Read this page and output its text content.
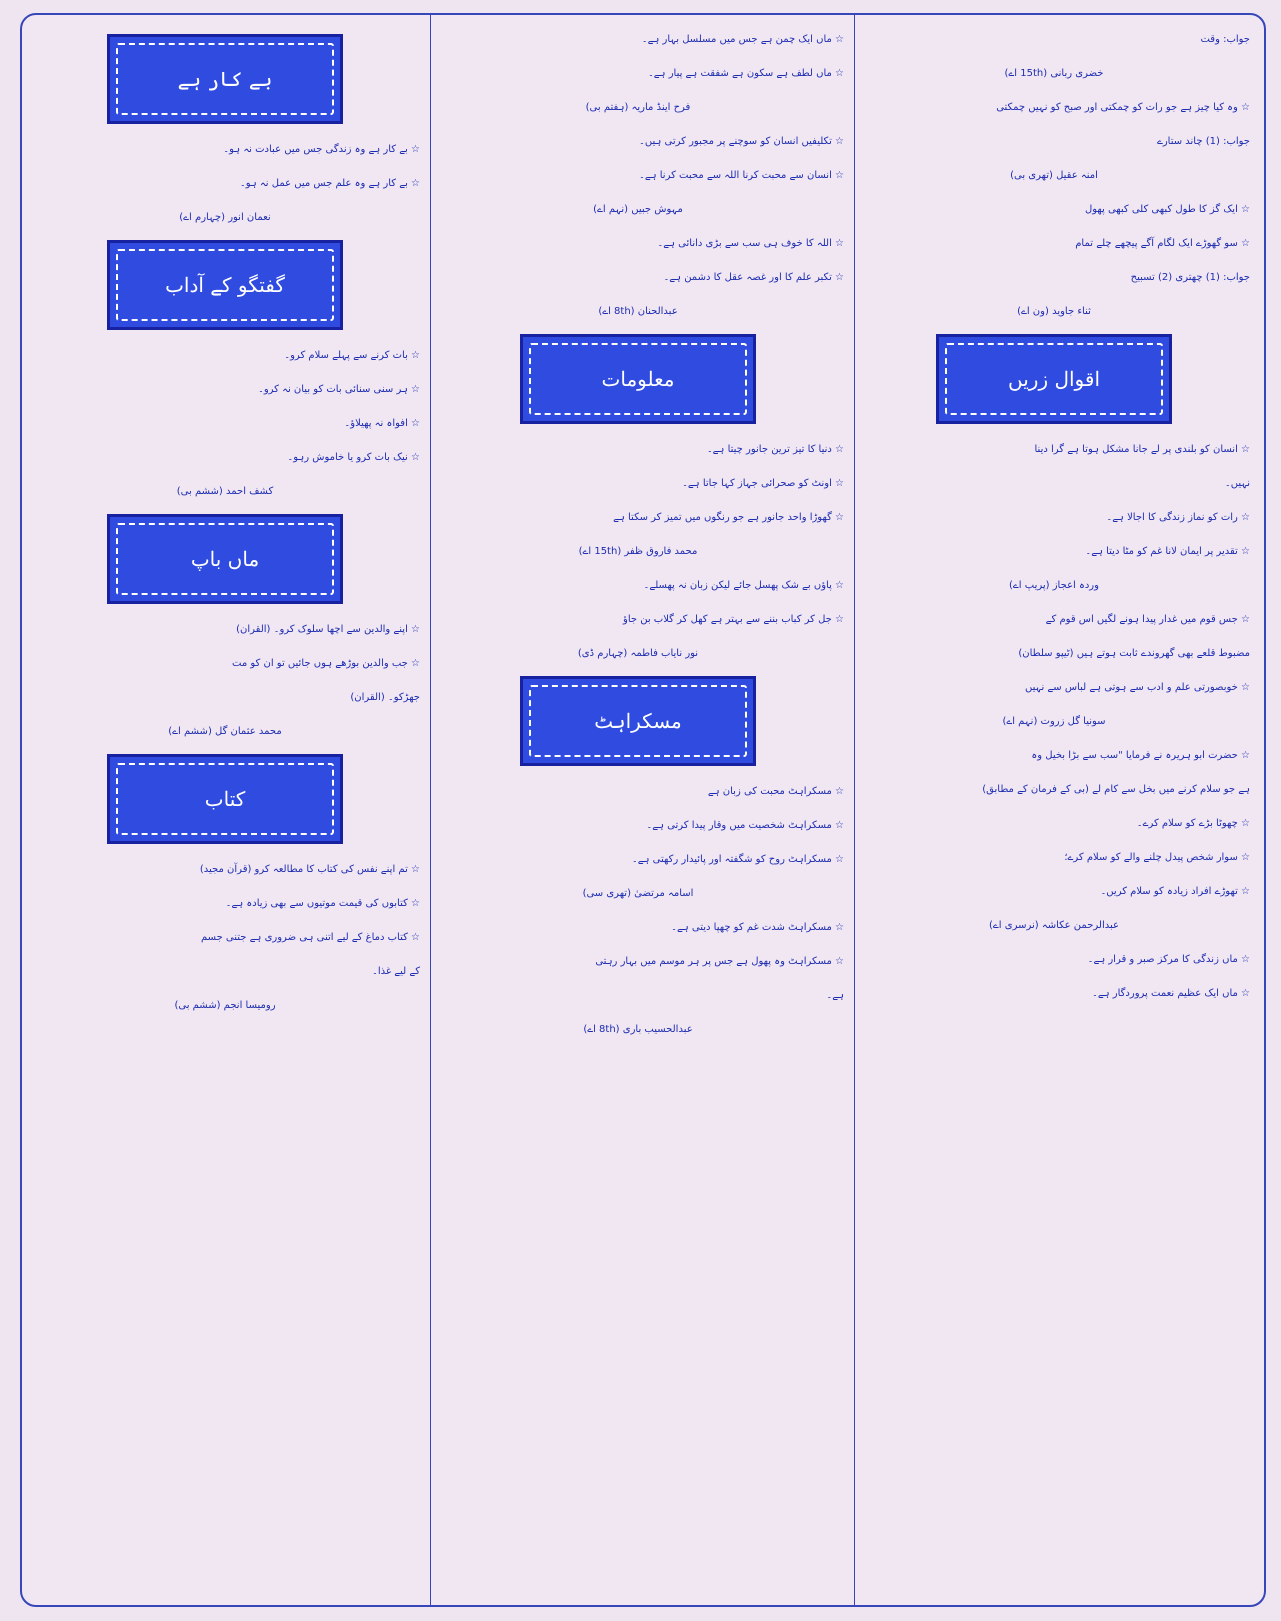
جواب: وقت

خضری ربانی (15th اے)

☆ وہ کیا چیز ہے جو رات کو چمکتی اور صبح کو نہیں چمکتی

جواب: (1) چاند ستارے

امنہ عقیل (تھری بی)

☆ ایک گز کا طول کبھی کلی کبھی پھول

☆ سو گھوڑے ایک لگام آگے پیچھے چلے تمام

جواب: (1) چھتری (2) تسبیح

ثناء جاوید (ون اے)

اقوال زریں

☆ انسان کو بلندی پر لے جانا مشکل ہوتا ہے گرا دینا

نہیں۔

☆ رات کو نماز زندگی کا اجالا ہے۔

☆ تقدیر پر ایمان لانا غم کو مٹا دیتا ہے۔

وردہ اعجاز (پریپ اے)

☆ جس قوم میں غدار پیدا ہونے لگیں اس قوم کے

مضبوط قلعے بھی گھروندے ثابت ہوتے ہیں (ٹیپو سلطان)

☆ خوبصورتی علم و ادب سے ہوتی ہے لباس سے نہیں

سونیا گل زروت (نہم اے)

☆ حضرت ابو ہریرہ نے فرمایا "سب سے بڑا بخیل وہ

ہے جو سلام کرنے میں بخل سے کام لے (بی کے فرمان کے مطابق)

☆ چھوٹا بڑے کو سلام کرے۔

☆ سوار شخص پیدل چلنے والے کو سلام کرے؛

☆ تھوڑے افراد زیادہ کو سلام کریں۔

عبدالرحمن عکاشہ (نرسری اے)

☆ ماں زندگی کا مرکز صبر و قرار ہے۔

☆ ماں ایک عظیم نعمت پروردگار ہے۔

☆ ماں ایک چمن ہے جس میں مسلسل بہار ہے۔

☆ ماں لطف ہے سکون ہے شفقت ہے پیار ہے۔

فرح اینڈ ماریہ (ہفتم بی)

☆ تکلیفیں انسان کو سوچنے پر مجبور کرتی ہیں۔

☆ انسان سے محبت کرنا اللہ سے محبت کرنا ہے۔

مہوش جبیں (نہم اے)

☆ اللہ کا خوف ہی سب سے بڑی دانائی ہے۔

☆ تکبر علم کا اور غصہ عقل کا دشمن ہے۔

عبدالحنان (8th اے)

معلومات

☆ دنیا کا تیز ترین جانور چیتا ہے۔

☆ اونٹ کو صحرائی جہاز کہا جاتا ہے۔

☆ گھوڑا واحد جانور ہے جو رنگوں میں تمیز کر سکتا ہے

محمد فاروق ظفر (15th اے)

☆ پاؤں بے شک پھسل جائے لیکن زبان نہ پھسلے۔

☆ جل کر کباب بننے سے بہتر ہے کھل کر گلاب بن جاؤ

نور نایاب فاطمہ (چہارم ڈی)

مسکراہٹ

☆ مسکراہٹ محبت کی زبان ہے

☆ مسکراہٹ شخصیت میں وقار پیدا کرتی ہے۔

☆ مسکراہٹ روح کو شگفتہ اور پائیدار رکھتی ہے۔

اسامہ مرتضیٰ (تھری سی)

☆ مسکراہٹ شدت غم کو چھپا دیتی ہے۔

☆ مسکراہٹ وہ پھول ہے جس پر ہر موسم میں بہار رہتی

ہے۔

عبدالحسیب باری (8th اے)

بے کار ہے

☆ بے کار ہے وہ زندگی جس میں عبادت نہ ہو۔

☆ بے کار ہے وہ علم جس میں عمل نہ ہو۔

نعمان انور (چہارم اے)

گفتگو کے آداب

☆ بات کرنے سے پہلے سلام کرو۔

☆ ہر سنی سنائی بات کو بیان نہ کرو۔

☆ افواہ نہ پھیلاؤ۔

☆ نیک بات کرو یا خاموش رہو۔

کشف احمد (ششم بی)

ماں باپ

☆ اپنے والدین سے اچھا سلوک کرو۔ (القران)

☆ جب والدین بوڑھے ہوں جائیں تو ان کو مت

جھڑکو۔ (القران)

محمد عثمان گل (ششم اے)

کتاب

☆ تم اپنے نفس کی کتاب کا مطالعہ کرو (قرآن مجید)

☆ کتابوں کی قیمت موتیوں سے بھی زیادہ ہے۔

☆ کتاب دماغ کے لیے اتنی ہی ضروری ہے جتنی جسم

کے لیے غذا۔

رومیسا انجم (ششم بی)
